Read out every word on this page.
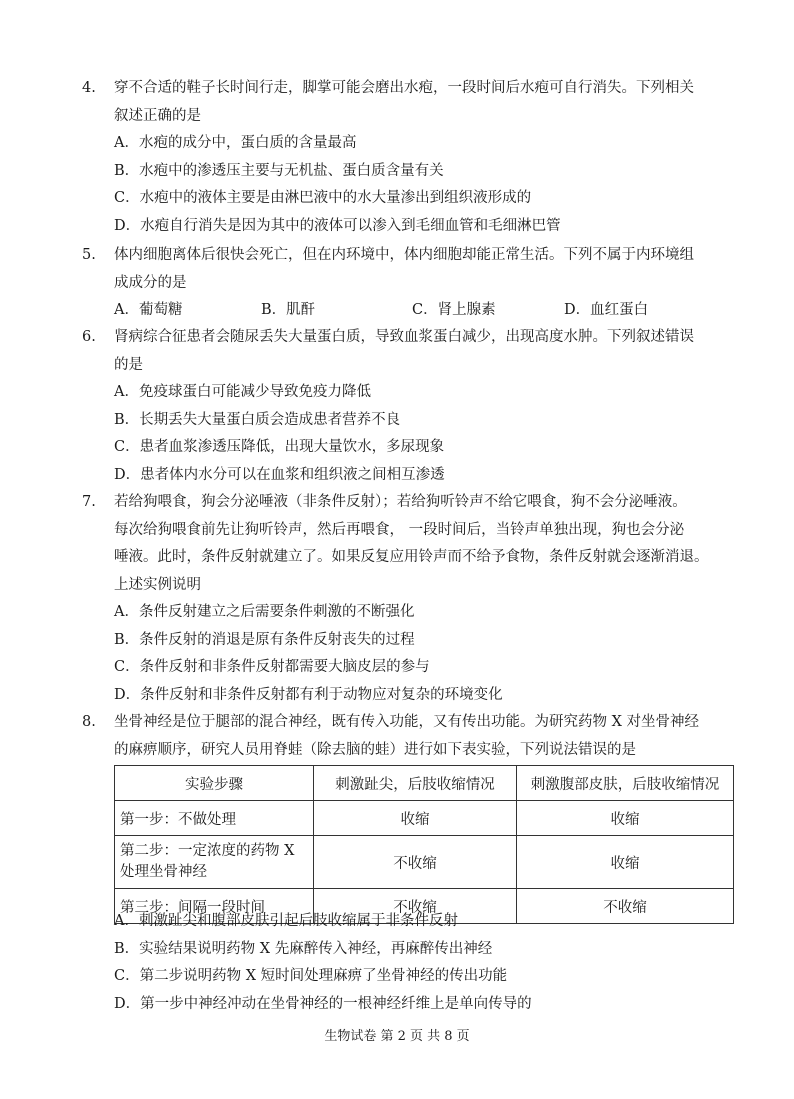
4.	穿不合适的鞋子长时间行走，脚掌可能会磨出水疱，一段时间后水疱可自行消失。下列相关
叙述正确的是
A．水疱的成分中，蛋白质的含量最高
B．水疱中的渗透压主要与无机盐、蛋白质含量有关
C．水疱中的液体主要是由淋巴液中的水大量渗出到组织液形成的
D．水疱自行消失是因为其中的液体可以渗入到毛细血管和毛细淋巴管
5.	体内细胞离体后很快会死亡，但在内环境中，体内细胞却能正常生活。下列不属于内环境组
成成分的是
A．葡萄糖	B．肌酐	C．肾上腺素	D．血红蛋白
6.	肾病综合征患者会随尿丢失大量蛋白质，导致血浆蛋白减少，出现高度水肿。下列叙述错误
的是
A．免疫球蛋白可能减少导致免疫力降低
B．长期丢失大量蛋白质会造成患者营养不良
C．患者血浆渗透压降低，出现大量饮水，多尿现象
D．患者体内水分可以在血浆和组织液之间相互渗透
7.	若给狗喂食，狗会分泌唾液（非条件反射）；若给狗听铃声不给它喂食，狗不会分泌唾液。
每次给狗喂食前先让狗听铃声，然后再喂食， 一段时间后，当铃声单独出现，狗也会分泌
唾液。此时，条件反射就建立了。如果反复应用铃声而不给予食物，条件反射就会逐渐消退。
上述实例说明
A．条件反射建立之后需要条件刺激的不断强化
B．条件反射的消退是原有条件反射丧失的过程
C．条件反射和非条件反射都需要大脑皮层的参与
D．条件反射和非条件反射都有利于动物应对复杂的环境变化
8.	坐骨神经是位于腿部的混合神经，既有传入功能，又有传出功能。为研究药物 X 对坐骨神经
的麻痹顺序，研究人员用脊蛙（除去脑的蛙）进行如下表实验，下列说法错误的是
实验步骤	刺激趾尖，后肢收缩情况	刺激腹部皮肤，后肢收缩情况
第一步：不做处理	收缩	收缩
第二步：一定浓度的药物 X
处理坐骨神经	不收缩	收缩
第三步：间隔一段时间	不收缩	不收缩
A．刺激趾尖和腹部皮肤引起后肢收缩属于非条件反射
B．实验结果说明药物 X 先麻醉传入神经，再麻醉传出神经
C．第二步说明药物 X 短时间处理麻痹了坐骨神经的传出功能
D．第一步中神经冲动在坐骨神经的一根神经纤维上是单向传导的
生物试卷 第 2 页 共 8 页
